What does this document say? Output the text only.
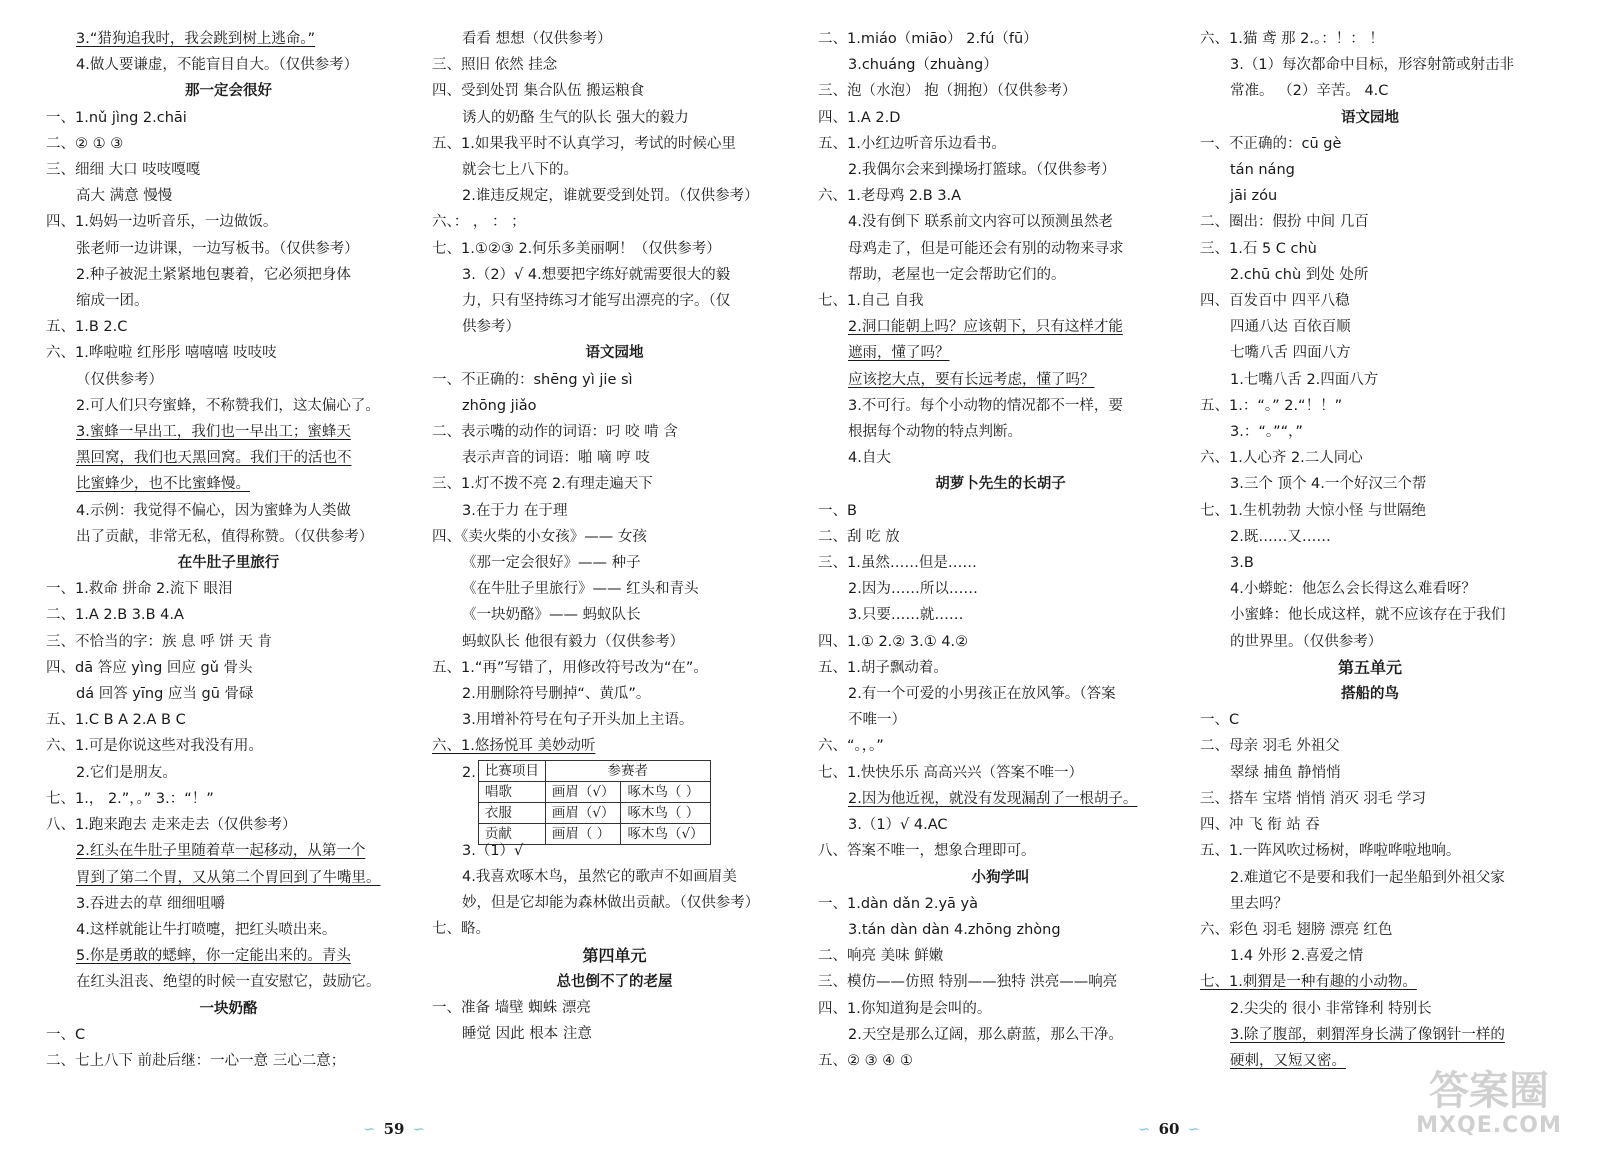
3.“猎狗追我时，我会跳到树上逃命。”
4.做人要谦虚，不能盲目自大。（仅供参考）
那一定会很好
一、1.nǔ jìng 2.chāi
二、② ① ③
三、细细 大口 吱吱嘎嘎
高大 满意 慢慢
四、1.妈妈一边听音乐，一边做饭。
张老师一边讲课，一边写板书。（仅供参考）
2.种子被泥土紧紧地包裹着，它必须把身体
缩成一团。
五、1.B 2.C
六、1.哗啦啦 红彤彤 嘻嘻嘻 吱吱吱
（仅供参考）
2.可人们只夸蜜蜂，不称赞我们，这太偏心了。
3.蜜蜂一早出工，我们也一早出工；蜜蜂天
黑回窝，我们也天黑回窝。我们干的活也不
比蜜蜂少，也不比蜜蜂慢。
4.示例：我觉得不偏心，因为蜜蜂为人类做
出了贡献，非常无私，值得称赞。（仅供参考）
在牛肚子里旅行
一、1.救命 拼命 2.流下 眼泪
二、1.A 2.B 3.B 4.A
三、不恰当的字：族 息 呼 饼 天 肯
四、dā 答应 yìng 回应 gǔ 骨头
dá 回答 yīng 应当 gū 骨碌
五、1.C B A 2.A B C
六、1.可是你说这些对我没有用。
2.它们是朋友。
七、1.， 2.”，。” 3.：“！”
八、1.跑来跑去 走来走去（仅供参考）
2.红头在牛肚子里随着草一起移动，从第一个
胃到了第二个胃，又从第二个胃回到了牛嘴里。
3.吞进去的草 细细咀嚼
4.这样就能让牛打喷嚏，把红头喷出来。
5.你是勇敢的蟋蟀，你一定能出来的。青头
在红头沮丧、绝望的时候一直安慰它，鼓励它。
一块奶酪
一、C
二、七上八下 前赴后继：一心一意 三心二意；
看看 想想（仅供参考）
三、照旧 依然 挂念
四、受到处罚 集合队伍 搬运粮食
诱人的奶酪 生气的队长 强大的毅力
五、1.如果我平时不认真学习，考试的时候心里
就会七上八下的。
2.谁违反规定，谁就要受到处罚。（仅供参考）
六、： ， ： ；
七、1.①②③ 2.何乐多美丽啊！（仅供参考）
3.（2）√ 4.想要把字练好就需要很大的毅
力，只有坚持练习才能写出漂亮的字。（仅
供参考）
语文园地
一、不正确的：shēng yì jie sì
zhōng jiǎo
二、表示嘴的动作的词语：叼 咬 啃 含
表示声音的词语：啪 嘀 哼 吱
三、1.灯不拨不亮 2.有理走遍天下
3.在于力 在于理
四、《卖火柴的小女孩》—— 女孩
《那一定会很好》—— 种子
《在牛肚子里旅行》—— 红头和青头
《一块奶酪》—— 蚂蚁队长
蚂蚁队长 他很有毅力（仅供参考）
五、1.“再”写错了，用修改符号改为“在”。
2.用删除符号删掉“、黄瓜”。
3.用增补符号在句子开头加上主语。
六、1.悠扬悦耳 美妙动听
2. 比赛项目	参赛者	
唱歌	画眉（√）	啄木鸟（ ）
衣服	画眉（√）	啄木鸟（ ）
贡献	画眉（ ）	啄木鸟（√）
3.（1）√
4.我喜欢啄木鸟，虽然它的歌声不如画眉美
妙，但是它却能为森林做出贡献。（仅供参考）
七、略。
第四单元
总也倒不了的老屋
一、准备 墙壁 蜘蛛 漂亮
睡觉 因此 根本 注意
二、1.miáo（miāo） 2.fú（fū）
3.chuáng（zhuàng）
三、泡（水泡） 抱（拥抱）（仅供参考）
四、1.A 2.D
五、1.小红边听音乐边看书。
2.我偶尔会来到操场打篮球。（仅供参考）
六、1.老母鸡 2.B 3.A
4.没有倒下 联系前文内容可以预测虽然老
母鸡走了，但是可能还会有别的动物来寻求
帮助，老屋也一定会帮助它们的。
七、1.自己 自我
2.洞口能朝上吗？应该朝下，只有这样才能
遮雨，懂了吗？
应该挖大点，要有长远考虑，懂了吗？
3.不可行。每个小动物的情况都不一样，要
根据每个动物的特点判断。
4.自大
胡萝卜先生的长胡子
一、B
二、刮 吃 放
三、1.虽然……但是……
2.因为……所以……
3.只要……就……
四、1.① 2.② 3.① 4.②
五、1.胡子飘动着。
2.有一个可爱的小男孩正在放风筝。（答案
不唯一）
六、“。，。”
七、1.快快乐乐 高高兴兴（答案不唯一）
2.因为他近视，就没有发现漏刮了一根胡子。
3.（1）√ 4.AC
八、答案不唯一，想象合理即可。
小狗学叫
一、1.dàn dǎn 2.yā yà
3.tán dàn dàn 4.zhōng zhòng
二、响亮 美味 鲜嫩
三、模仿——仿照 特别——独特 洪亮——响亮
四、1.你知道狗是会叫的。
2.天空是那么辽阔，那么蔚蓝，那么干净。
五、② ③ ④ ①
六、1.猫 鸢 那 2.。：！： ！
3.（1）每次都命中目标，形容射箭或射击非
常准。 （2）辛苦。 4.C
语文园地
一、不正确的：cū gè
tán náng
jāi zóu
二、圈出：假扮 中间 几百
三、1.石 5 C chù
2.chū chù 到处 处所
四、百发百中 四平八稳
四通八达 百依百顺
七嘴八舌 四面八方
1.七嘴八舌 2.四面八方
五、1.：“。” 2.“！！”
3.：“。”“，”
六、1.人心齐 2.二人同心
3.三个 顶个 4.一个好汉三个帮
七、1.生机勃勃 大惊小怪 与世隔绝
2.既……又……
3.B
4.小蟒蛇：他怎么会长得这么难看呀？
小蜜蜂：他长成这样，就不应该存在于我们
的世界里。（仅供参考）
第五单元
搭船的鸟
一、C
二、母亲 羽毛 外祖父
翠绿 捕鱼 静悄悄
三、搭车 宝塔 悄悄 消灭 羽毛 学习
四、冲 飞 衔 站 吞
五、1.一阵风吹过杨树，哗啦哗啦地响。
2.难道它不是要和我们一起坐船到外祖父家
里去吗？
六、彩色 羽毛 翅膀 漂亮 红色
1.4 外形 2.喜爱之情
七、1.刺猬是一种有趣的小动物。
2.尖尖的 很小 非常锋利 特别长
3.除了腹部，刺猬浑身长满了像钢针一样的
硬刺，又短又密。
∽ 59 ∽	∽ 60 ∽
答案圈
MXQE.COM
